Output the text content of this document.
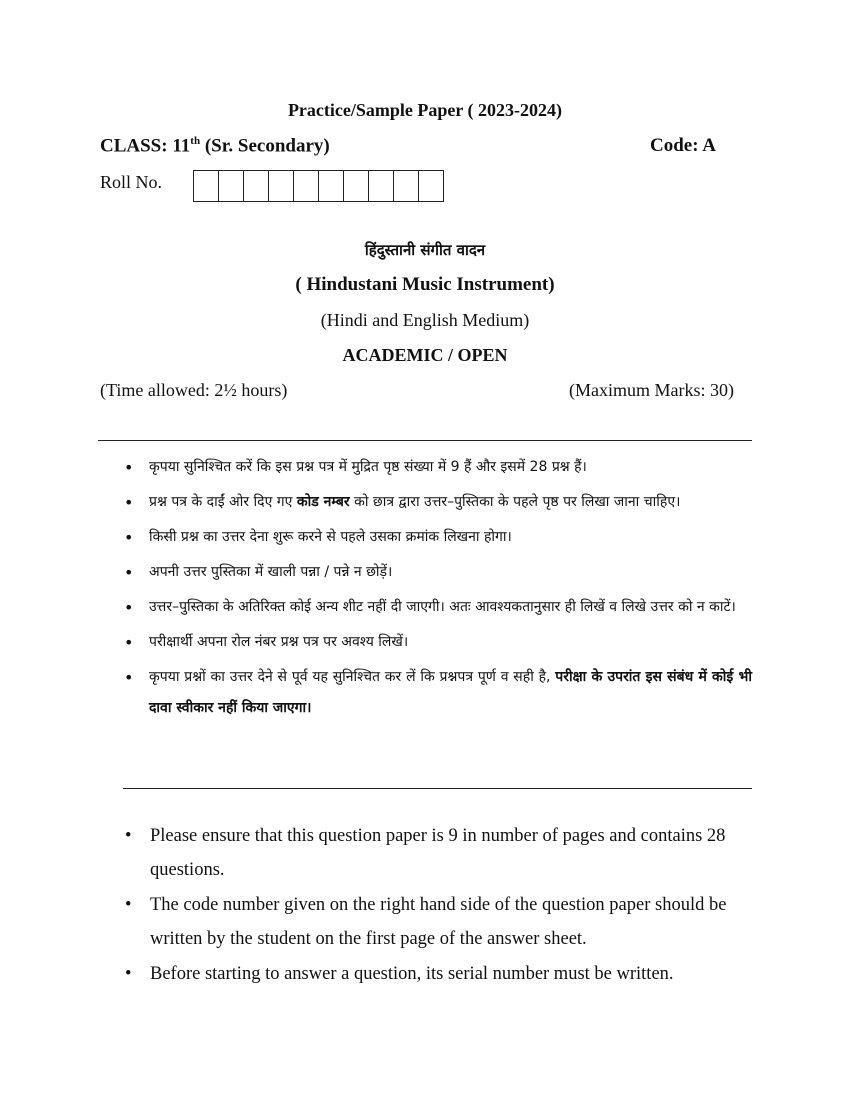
Practice/Sample Paper ( 2023-2024)
CLASS: 11th (Sr. Secondary)	Code: A
Roll No.
हिंदुस्तानी संगीत वादन
( Hindustani Music Instrument)
(Hindi and English Medium)
ACADEMIC / OPEN
(Time allowed: 2½ hours)	(Maximum Marks: 30)
• कृपया सुनिश्चित करें कि इस प्रश्न पत्र में मुद्रित पृष्ठ संख्या में 9 हैं और इसमें 28 प्रश्न हैं।
• प्रश्न पत्र के दाईं ओर दिए गए कोड नम्बर को छात्र द्वारा उत्तर–पुस्तिका के पहले पृष्ठ पर लिखा जाना चाहिए।
• किसी प्रश्न का उत्तर देना शुरू करने से पहले उसका क्रमांक लिखना होगा।
• अपनी उत्तर पुस्तिका में खाली पन्ना / पन्ने न छोड़ें।
• उत्तर–पुस्तिका के अतिरिक्त कोई अन्य शीट नहीं दी जाएगी। अतः आवश्यकतानुसार ही लिखें व लिखे उत्तर को न काटें।
• परीक्षार्थी अपना रोल नंबर प्रश्न पत्र पर अवश्य लिखें।
• कृपया प्रश्नों का उत्तर देने से पूर्व यह सुनिश्चित कर लें कि प्रश्नपत्र पूर्ण व सही है, परीक्षा के उपरांत इस संबंध में कोई भी दावा स्वीकार नहीं किया जाएगा।
• Please ensure that this question paper is 9 in number of pages and contains 28 questions.
• The code number given on the right hand side of the question paper should be written by the student on the first page of the answer sheet.
• Before starting to answer a question, its serial number must be written.
